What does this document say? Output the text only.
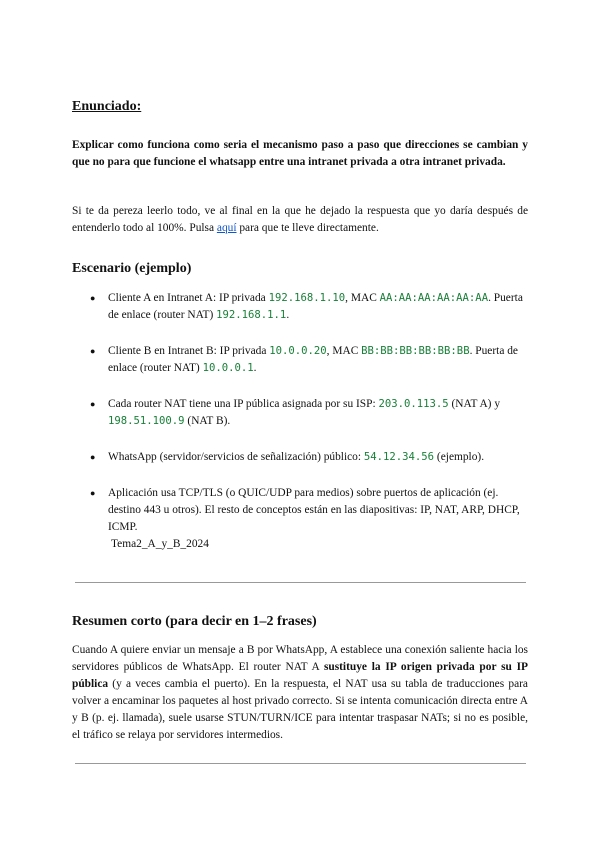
Enunciado:
Explicar como funciona como seria el mecanismo paso a paso que direcciones se cambian y que no para que funcione el whatsapp entre una intranet privada a otra intranet privada.
Si te da pereza leerlo todo, ve al final en la que he dejado la respuesta que yo daría después de entenderlo todo al 100%. Pulsa aquí para que te lleve directamente.
Escenario (ejemplo)
● Cliente A en Intranet A: IP privada 192.168.1.10, MAC AA:AA:AA:AA:AA:AA. Puerta de enlace (router NAT) 192.168.1.1.
● Cliente B en Intranet B: IP privada 10.0.0.20, MAC BB:BB:BB:BB:BB:BB. Puerta de enlace (router NAT) 10.0.0.1.
● Cada router NAT tiene una IP pública asignada por su ISP: 203.0.113.5 (NAT A) y 198.51.100.9 (NAT B).
● WhatsApp (servidor/servicios de señalización) público: 54.12.34.56 (ejemplo).
● Aplicación usa TCP/TLS (o QUIC/UDP para medios) sobre puertos de aplicación (ej. destino 443 u otros). El resto de conceptos están en las diapositivas: IP, NAT, ARP, DHCP, ICMP.
Tema2_A_y_B_2024
Resumen corto (para decir en 1–2 frases)
Cuando A quiere enviar un mensaje a B por WhatsApp, A establece una conexión saliente hacia los servidores públicos de WhatsApp. El router NAT A sustituye la IP origen privada por su IP pública (y a veces cambia el puerto). En la respuesta, el NAT usa su tabla de traducciones para volver a encaminar los paquetes al host privado correcto. Si se intenta comunicación directa entre A y B (p. ej. llamada), suele usarse STUN/TURN/ICE para intentar traspasar NATs; si no es posible, el tráfico se relaya por servidores intermedios.
